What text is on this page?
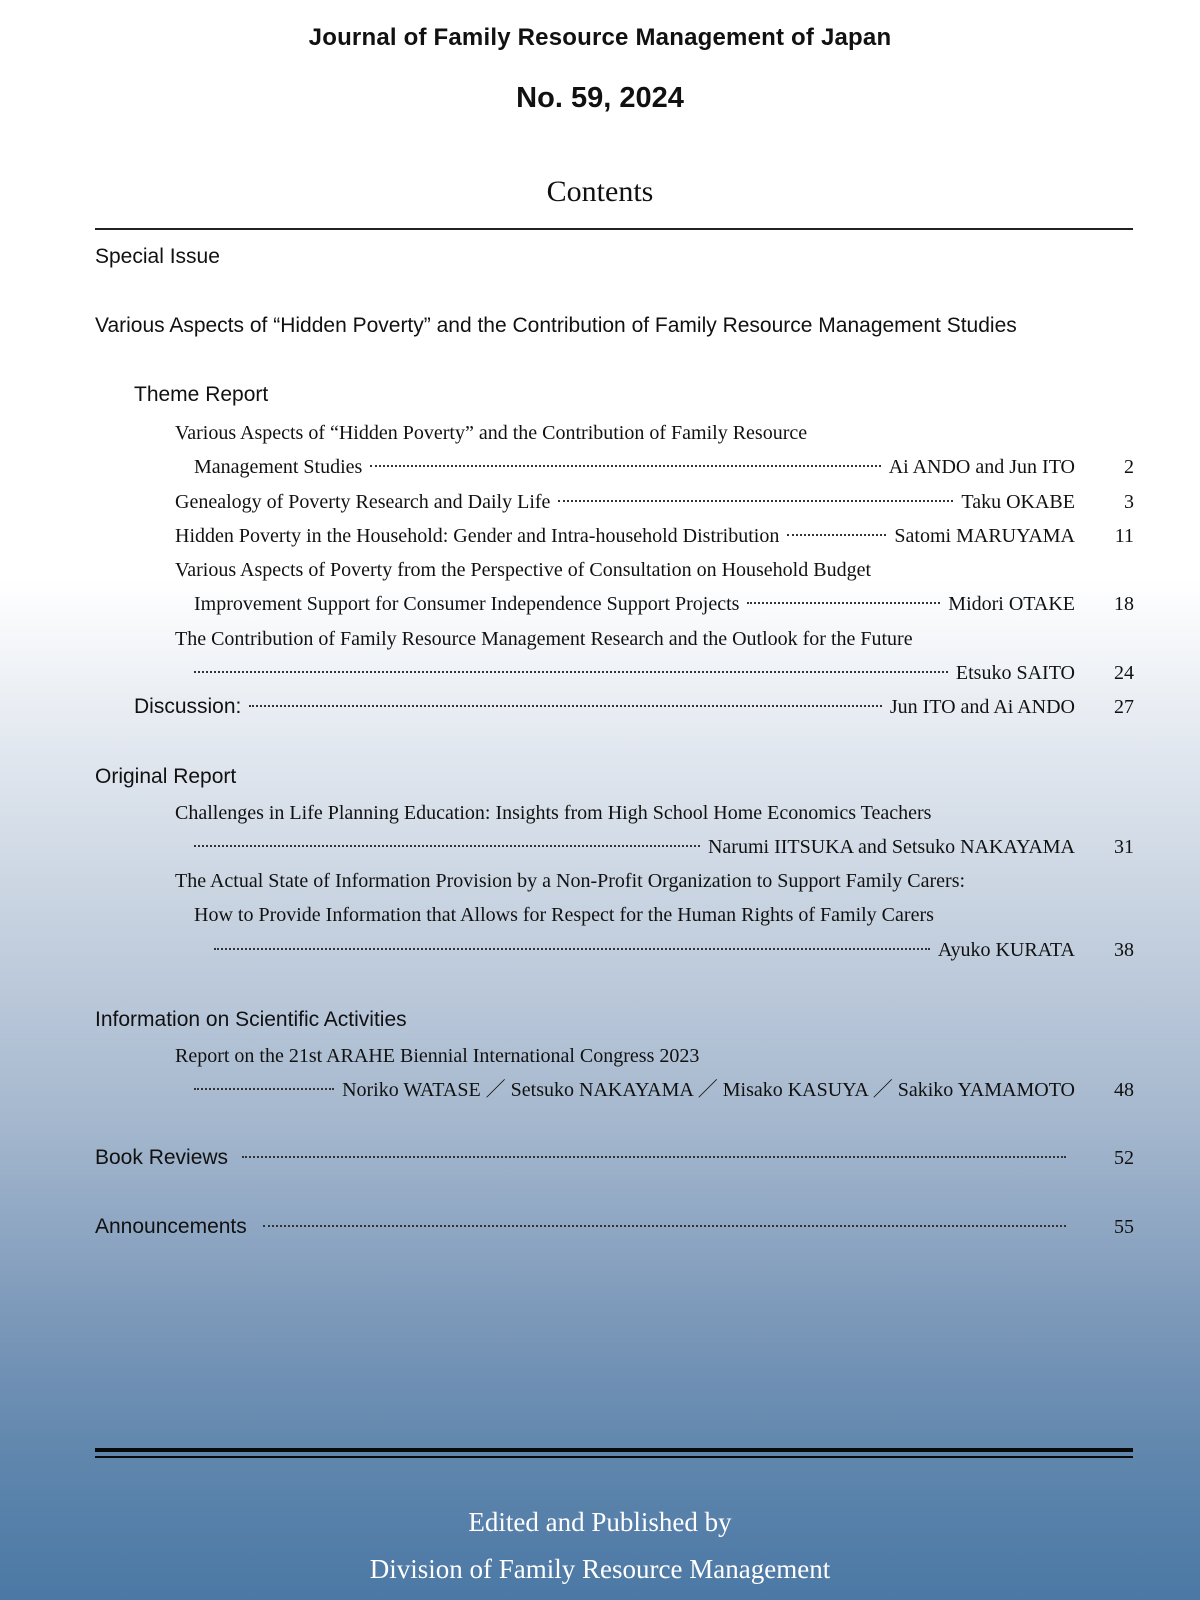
Journal of Family Resource Management of Japan
No. 59, 2024
Contents
Special Issue
Various Aspects of “Hidden Poverty” and the Contribution of Family Resource Management Studies
Theme Report
Various Aspects of “Hidden Poverty” and the Contribution of Family Resource
Management Studies	Ai ANDO and Jun ITO	2
Genealogy of Poverty Research and Daily Life	Taku OKABE	3
Hidden Poverty in the Household: Gender and Intra-household Distribution	Satomi MARUYAMA	11
Various Aspects of Poverty from the Perspective of Consultation on Household Budget
Improvement Support for Consumer Independence Support Projects	Midori OTAKE	18
The Contribution of Family Resource Management Research and the Outlook for the Future
Etsuko SAITO	24
Discussion:	Jun ITO and Ai ANDO	27
Original Report
Challenges in Life Planning Education: Insights from High School Home Economics Teachers
Narumi IITSUKA and Setsuko NAKAYAMA	31
The Actual State of Information Provision by a Non-Profit Organization to Support Family Carers:
How to Provide Information that Allows for Respect for the Human Rights of Family Carers
Ayuko KURATA	38
Information on Scientific Activities
Report on the 21st ARAHE Biennial International Congress 2023
Noriko WATASE ／ Setsuko NAKAYAMA ／ Misako KASUYA ／ Sakiko YAMAMOTO	48
Book Reviews	52
Announcements	55
Edited and Published by
Division of Family Resource Management
